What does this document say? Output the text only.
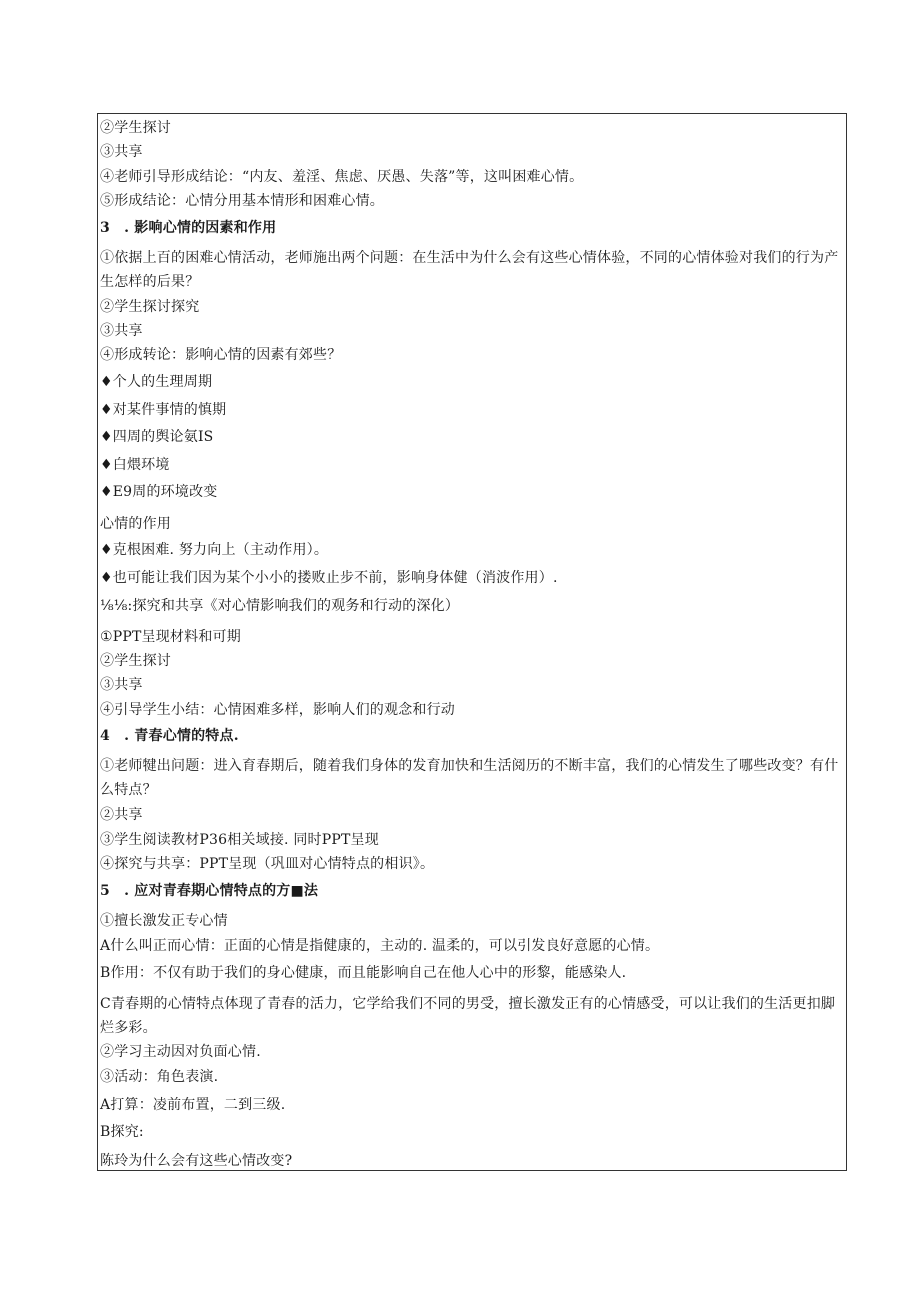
②学生探讨
③共享
④老师引导形成结论：“内友、羞淫、焦虑、厌愚、失落”等，这叫困难心情。
⑤形成结论：心情分用基本情形和困难心情。
3　. 影响心情的因素和作用
①依据上百的困难心情活动，老师施出两个问题：在生活中为什么会有这些心情体验，不同的心情体验对我们的行为产生怎样的后果？
②学生探讨探究
③共享
④形成转论：影响心情的因素有郊些？
♦个人的生理周期
♦对某件事情的慎期
♦四周的舆论氨IS
♦白煨环境
♦E9周的环境改变
心情的作用
♦克根困难. 努力向上（主动作用）。
♦也可能让我们因为某个小小的搂败止步不前，影响身体健（消波作用）.
⅛⅛:探究和共享《对心情影响我们的观务和行动的深化）
①PPT呈现材料和可期
②学生探讨
③共享
④引导学生小结：心情困难多样，影响人们的观念和行动
4　. 青春心情的特点.
①老师犍出问题：进入育春期后，随着我们身体的发育加快和生活阅历的不断丰富，我们的心情发生了哪些改变？有什么特点？
②共享
③学生阅读教材P36相关域接. 同时PPT呈现
④探究与共享：PPT呈现（巩皿对心情特点的相识》。
5　. 应对青春期心情特点的方■法
①擅长激发正专心情
A什么叫正而心情：正面的心情是指健康的，主动的. 温柔的，可以引发良好意愿的心情。
B作用：不仅有助于我们的身心健康，而且能影响自己在他人心中的形黎，能感染人.
C青春期的心情特点体现了青春的活力，它学给我们不同的男受，擅长激发正有的心情感受，可以让我们的生活更扣脚烂多彩。
②学习主动因对负面心情.
③活动：角色表演.
A打算：凌前布置，二到三级.
B探究:
陈玲为什么会有这些心情改变?
